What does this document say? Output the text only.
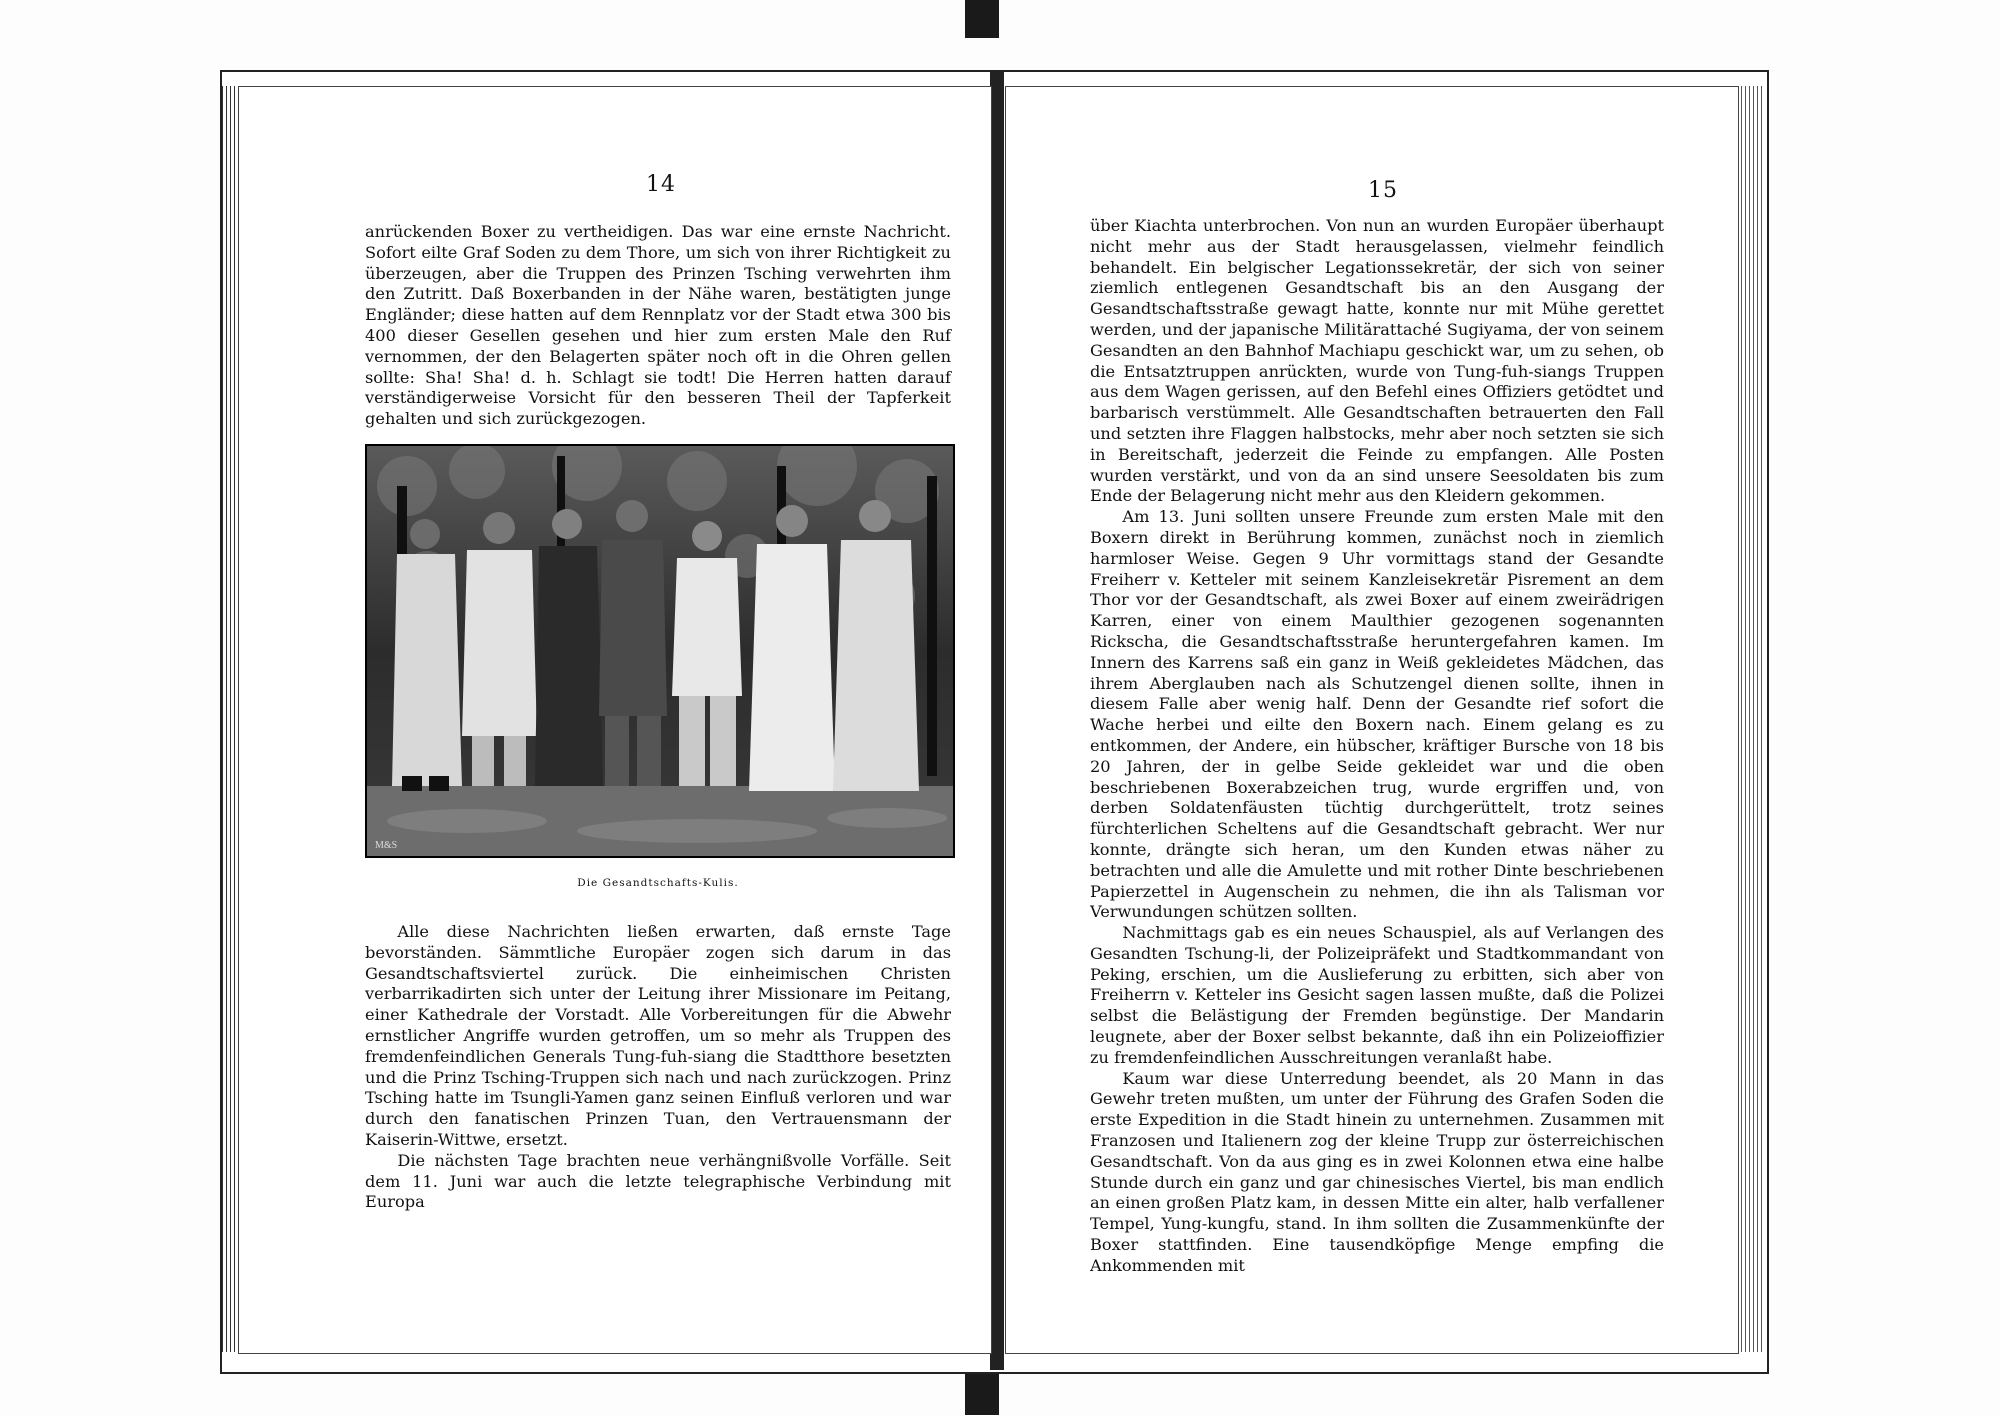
14

anrückenden Boxer zu vertheidigen. Das war eine ernste Nachricht. Sofort eilte Graf Soden zu dem Thore, um sich von ihrer Richtigkeit zu überzeugen, aber die Truppen des Prinzen Tsching verwehrten ihm den Zutritt. Daß Boxerbanden in der Nähe waren, bestätigten junge Engländer; diese hatten auf dem Rennplatz vor der Stadt etwa 300 bis 400 dieser Gesellen gesehen und hier zum ersten Male den Ruf vernommen, der den Belagerten später noch oft in die Ohren gellen sollte: Sha! Sha! d. h. Schlagt sie todt! Die Herren hatten darauf verständigerweise Vorsicht für den besseren Theil der Tapferkeit gehalten und sich zurückgezogen.

M&S
Die Gesandtschafts-Kulis.

Alle diese Nachrichten ließen erwarten, daß ernste Tage bevorständen. Sämmtliche Europäer zogen sich darum in das Gesandtschaftsviertel zurück. Die einheimischen Christen verbarrikadirten sich unter der Leitung ihrer Missionare im Peitang, einer Kathedrale der Vorstadt. Alle Vorbereitungen für die Abwehr ernstlicher Angriffe wurden getroffen, um so mehr als Truppen des fremdenfeindlichen Generals Tung-fuh-siang die Stadtthore besetzten und die Prinz Tsching-Truppen sich nach und nach zurückzogen. Prinz Tsching hatte im Tsungli-Yamen ganz seinen Einfluß verloren und war durch den fanatischen Prinzen Tuan, den Vertrauensmann der Kaiserin-Wittwe, ersetzt.

Die nächsten Tage brachten neue verhängnißvolle Vorfälle. Seit dem 11. Juni war auch die letzte telegraphische Verbindung mit Europa

15

über Kiachta unterbrochen. Von nun an wurden Europäer überhaupt nicht mehr aus der Stadt herausgelassen, vielmehr feindlich behandelt. Ein belgischer Legationssekretär, der sich von seiner ziemlich entlegenen Gesandtschaft bis an den Ausgang der Gesandtschaftsstraße gewagt hatte, konnte nur mit Mühe gerettet werden, und der japanische Militärattaché Sugiyama, der von seinem Gesandten an den Bahnhof Machiapu geschickt war, um zu sehen, ob die Entsatztruppen anrückten, wurde von Tung-fuh-siangs Truppen aus dem Wagen gerissen, auf den Befehl eines Offiziers getödtet und barbarisch verstümmelt. Alle Gesandtschaften betrauerten den Fall und setzten ihre Flaggen halbstocks, mehr aber noch setzten sie sich in Bereitschaft, jederzeit die Feinde zu empfangen. Alle Posten wurden verstärkt, und von da an sind unsere Seesoldaten bis zum Ende der Belagerung nicht mehr aus den Kleidern gekommen.

Am 13. Juni sollten unsere Freunde zum ersten Male mit den Boxern direkt in Berührung kommen, zunächst noch in ziemlich harmloser Weise. Gegen 9 Uhr vormittags stand der Gesandte Freiherr v. Ketteler mit seinem Kanzleisekretär Pisrement an dem Thor vor der Gesandtschaft, als zwei Boxer auf einem zweirädrigen Karren, einer von einem Maulthier gezogenen sogenannten Rickscha, die Gesandtschaftsstraße heruntergefahren kamen. Im Innern des Karrens saß ein ganz in Weiß gekleidetes Mädchen, das ihrem Aberglauben nach als Schutzengel dienen sollte, ihnen in diesem Falle aber wenig half. Denn der Gesandte rief sofort die Wache herbei und eilte den Boxern nach. Einem gelang es zu entkommen, der Andere, ein hübscher, kräftiger Bursche von 18 bis 20 Jahren, der in gelbe Seide gekleidet war und die oben beschriebenen Boxerabzeichen trug, wurde ergriffen und, von derben Soldatenfäusten tüchtig durchgerüttelt, trotz seines fürchterlichen Scheltens auf die Gesandtschaft gebracht. Wer nur konnte, drängte sich heran, um den Kunden etwas näher zu betrachten und alle die Amulette und mit rother Dinte beschriebenen Papierzettel in Augenschein zu nehmen, die ihn als Talisman vor Verwundungen schützen sollten.

Nachmittags gab es ein neues Schauspiel, als auf Verlangen des Gesandten Tschung-li, der Polizeipräfekt und Stadtkommandant von Peking, erschien, um die Auslieferung zu erbitten, sich aber von Freiherrn v. Ketteler ins Gesicht sagen lassen mußte, daß die Polizei selbst die Belästigung der Fremden begünstige. Der Mandarin leugnete, aber der Boxer selbst bekannte, daß ihn ein Polizeioffizier zu fremdenfeindlichen Ausschreitungen veranlaßt habe.

Kaum war diese Unterredung beendet, als 20 Mann in das Gewehr treten mußten, um unter der Führung des Grafen Soden die erste Expedition in die Stadt hinein zu unternehmen. Zusammen mit Franzosen und Italienern zog der kleine Trupp zur österreichischen Gesandtschaft. Von da aus ging es in zwei Kolonnen etwa eine halbe Stunde durch ein ganz und gar chinesisches Viertel, bis man endlich an einen großen Platz kam, in dessen Mitte ein alter, halb verfallener Tempel, Yung-kungfu, stand. In ihm sollten die Zusammenkünfte der Boxer stattfinden. Eine tausendköpfige Menge empfing die Ankommenden mit
